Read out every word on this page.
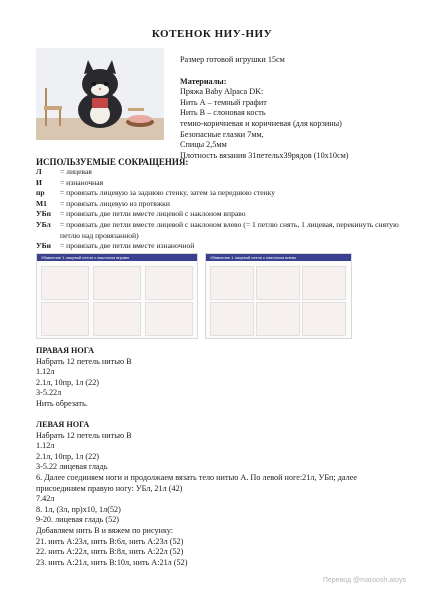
КОТЕНОК НИУ-НИУ
Размер готовой игрушки 15см
Материалы:
Пряжа Baby Alpaca DK:
Нить А – темный графит
Нить В – слоновая кость
темно-коричневая и коричневая (для корзины)
Безопасные глазки 7мм,
Спицы 2,5мм
Плотность вязания 31петельх39рядов (10х10см)
ИСПОЛЬЗУЕМЫЕ СОКРАЩЕНИЯ:
Л	= лицевая
И	= изнаночная
пр	= провязать лицевую за заднюю стенку, затем за переднюю стенку
М1	= провязать лицевую из протяжки
УБп	= провязать две петли вместе лицевой с наклоном вправо
УБл	= провязать две петли вместе лицевой с наклоном влево (= 1 петлю снять, 1 лицевая, перекинуть снятую петлю над провязанной)
УБи	= провязать две петли вместе изнаночной
Убавление 1 лицевой петли с наклоном вправо	Убавление 1 лицевой петли с наклоном влево
ПРАВАЯ НОГА
Набрать 12 петель нитью В
1.12л
2.1л, 10пр, 1л (22)
3-5.22л
Нить обрезать.
ЛЕВАЯ НОГА
Набрать 12 петель нитью В
1.12л
2.1л, 10пр, 1л (22)
3-5.22 лицевая гладь
6. Далее соединяем ноги и продолжаем вязать тело нитью А. По левой ноге:21л, УБп; далее присоединяем правую ногу: УБл, 21л (42)
7.42л
8. 1л, (3л, пр)х10, 1л(52)
9-20. лицевая гладь (52)
Добавляем нить В и вяжем по рисунку:
21. нить А:23л, нить В:6л, нить А:23л (52)
22. нить А:22л, нить В:8л, нить А:22л (52)
23. нить А:21л, нить В:10л, нить А:21л (52)
Перевод @maroosh.atoys
